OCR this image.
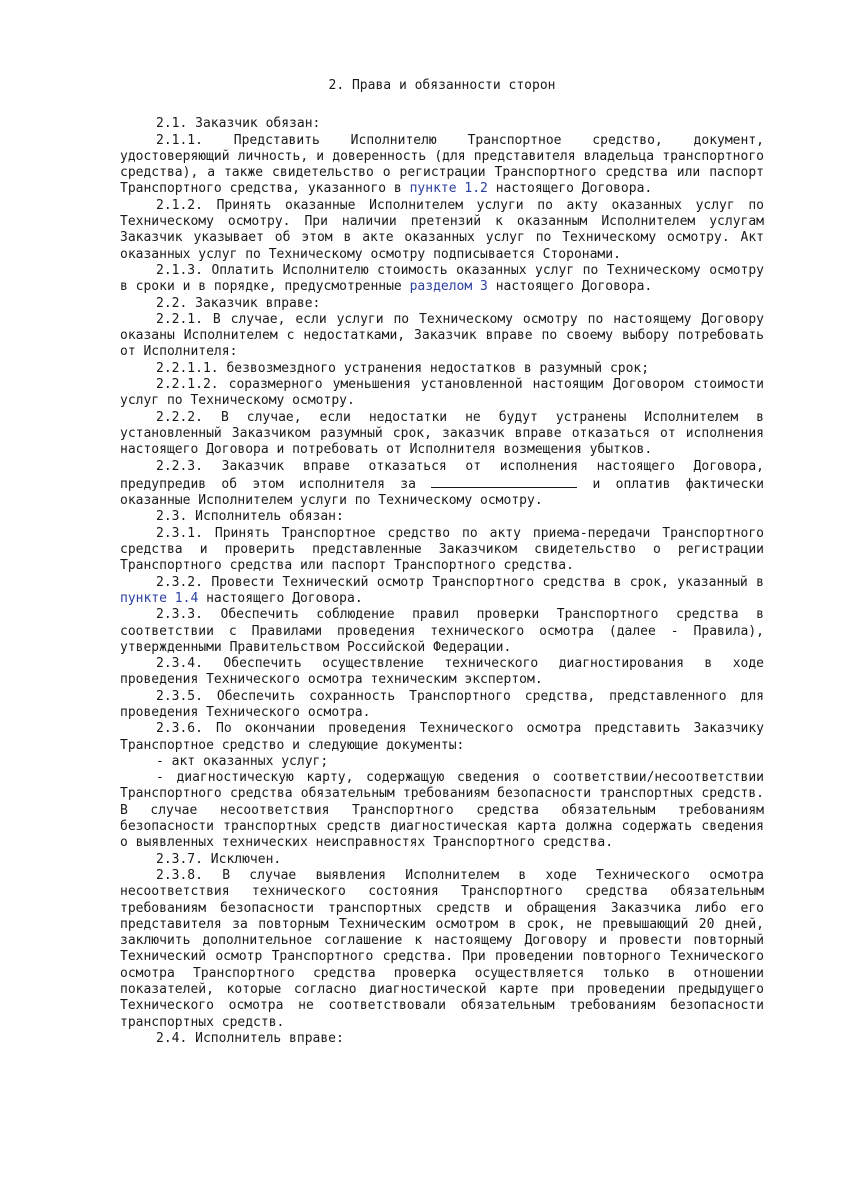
2. Права и обязанности сторон

2.1. Заказчик обязан:

2.1.1. Представить Исполнителю Транспортное средство, документ, удостоверяющий личность, и доверенность (для представителя владельца транспортного средства), а также свидетельство о регистрации Транспортного средства или паспорт Транспортного средства, указанного в пункте 1.2 настоящего Договора.

2.1.2. Принять оказанные Исполнителем услуги по акту оказанных услуг по Техническому осмотру. При наличии претензий к оказанным Исполнителем услугам Заказчик указывает об этом в акте оказанных услуг по Техническому осмотру. Акт оказанных услуг по Техническому осмотру подписывается Сторонами.

2.1.3. Оплатить Исполнителю стоимость оказанных услуг по Техническому осмотру в сроки и в порядке, предусмотренные разделом 3 настоящего Договора.

2.2. Заказчик вправе:

2.2.1. В случае, если услуги по Техническому осмотру по настоящему Договору оказаны Исполнителем с недостатками, Заказчик вправе по своему выбору потребовать от Исполнителя:

2.2.1.1. безвозмездного устранения недостатков в разумный срок;

2.2.1.2. соразмерного уменьшения установленной настоящим Договором стоимости услуг по Техническому осмотру.

2.2.2. В случае, если недостатки не будут устранены Исполнителем в установленный Заказчиком разумный срок, заказчик вправе отказаться от исполнения настоящего Договора и потребовать от Исполнителя возмещения убытков.

2.2.3. Заказчик вправе отказаться от исполнения настоящего Договора, предупредив об этом исполнителя за	и оплатив фактически оказанные Исполнителем услуги по Техническому осмотру.

2.3. Исполнитель обязан:

2.3.1. Принять Транспортное средство по акту приема-передачи Транспортного средства и проверить представленные Заказчиком свидетельство о регистрации Транспортного средства или паспорт Транспортного средства.

2.3.2. Провести Технический осмотр Транспортного средства в срок, указанный в пункте 1.4 настоящего Договора.

2.3.3. Обеспечить соблюдение правил проверки Транспортного средства в соответствии с Правилами проведения технического осмотра (далее - Правила), утвержденными Правительством Российской Федерации.

2.3.4. Обеспечить осуществление технического диагностирования в ходе проведения Технического осмотра техническим экспертом.

2.3.5. Обеспечить сохранность Транспортного средства, представленного для проведения Технического осмотра.

2.3.6. По окончании проведения Технического осмотра представить Заказчику Транспортное средство и следующие документы:

- акт оказанных услуг;

- диагностическую карту, содержащую сведения о соответствии/несоответствии Транспортного средства обязательным требованиям безопасности транспортных средств. В случае несоответствия Транспортного средства обязательным требованиям безопасности транспортных средств диагностическая карта должна содержать сведения о выявленных технических неисправностях Транспортного средства.

2.3.7. Исключен.

2.3.8. В случае выявления Исполнителем в ходе Технического осмотра несоответствия технического состояния Транспортного средства обязательным требованиям безопасности транспортных средств и обращения Заказчика либо его представителя за повторным Техническим осмотром в срок, не превышающий 20 дней, заключить дополнительное соглашение к настоящему Договору и провести повторный Технический осмотр Транспортного средства. При проведении повторного Технического осмотра Транспортного средства проверка осуществляется только в отношении показателей, которые согласно диагностической карте при проведении предыдущего Технического осмотра не соответствовали обязательным требованиям безопасности транспортных средств.

2.4. Исполнитель вправе:
